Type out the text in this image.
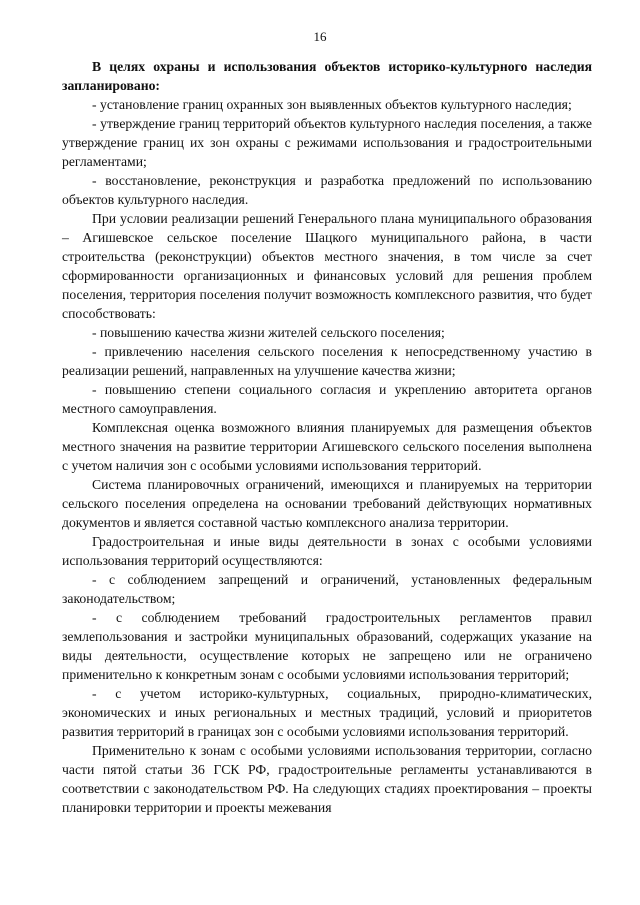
16

В целях охраны и использования объектов историко-культурного наследия запланировано:

- установление границ охранных зон выявленных объектов культурного наследия;

- утверждение границ территорий объектов культурного наследия поселения, а также утверждение границ их зон охраны с режимами использования и градостроительными регламентами;

- восстановление, реконструкция и разработка предложений по использованию объектов культурного наследия.

При условии реализации решений Генерального плана муниципального образования – Агишевское сельское поселение Шацкого муниципального района, в части строительства (реконструкции) объектов местного значения, в том числе за счет сформированности организационных и финансовых условий для решения проблем поселения, территория поселения получит возможность комплексного развития, что будет способствовать:

- повышению качества жизни жителей сельского поселения;

- привлечению населения сельского поселения к непосредственному участию в реализации решений, направленных на улучшение качества жизни;

- повышению степени социального согласия и укреплению авторитета органов местного самоуправления.

Комплексная оценка возможного влияния планируемых для размещения объектов местного значения на развитие территории Агишевского сельского поселения выполнена с учетом наличия зон с особыми условиями использования территорий.

Система планировочных ограничений, имеющихся и планируемых на территории сельского поселения определена на основании требований действующих нормативных документов и является составной частью комплексного анализа территории.

Градостроительная и иные виды деятельности в зонах с особыми условиями использования территорий осуществляются:

- с соблюдением запрещений и ограничений, установленных федеральным законодательством;

- с соблюдением требований градостроительных регламентов правил землепользования и застройки муниципальных образований, содержащих указание на виды деятельности, осуществление которых не запрещено или не ограничено применительно к конкретным зонам с особыми условиями использования территорий;

- с учетом историко-культурных, социальных, природно-климатических, экономических и иных региональных и местных традиций, условий и приоритетов развития территорий в границах зон с особыми условиями использования территорий.

Применительно к зонам с особыми условиями использования территории, согласно части пятой статьи 36 ГСК РФ, градостроительные регламенты устанавливаются в соответствии с законодательством РФ. На следующих стадиях проектирования – проекты планировки территории и проекты межевания
